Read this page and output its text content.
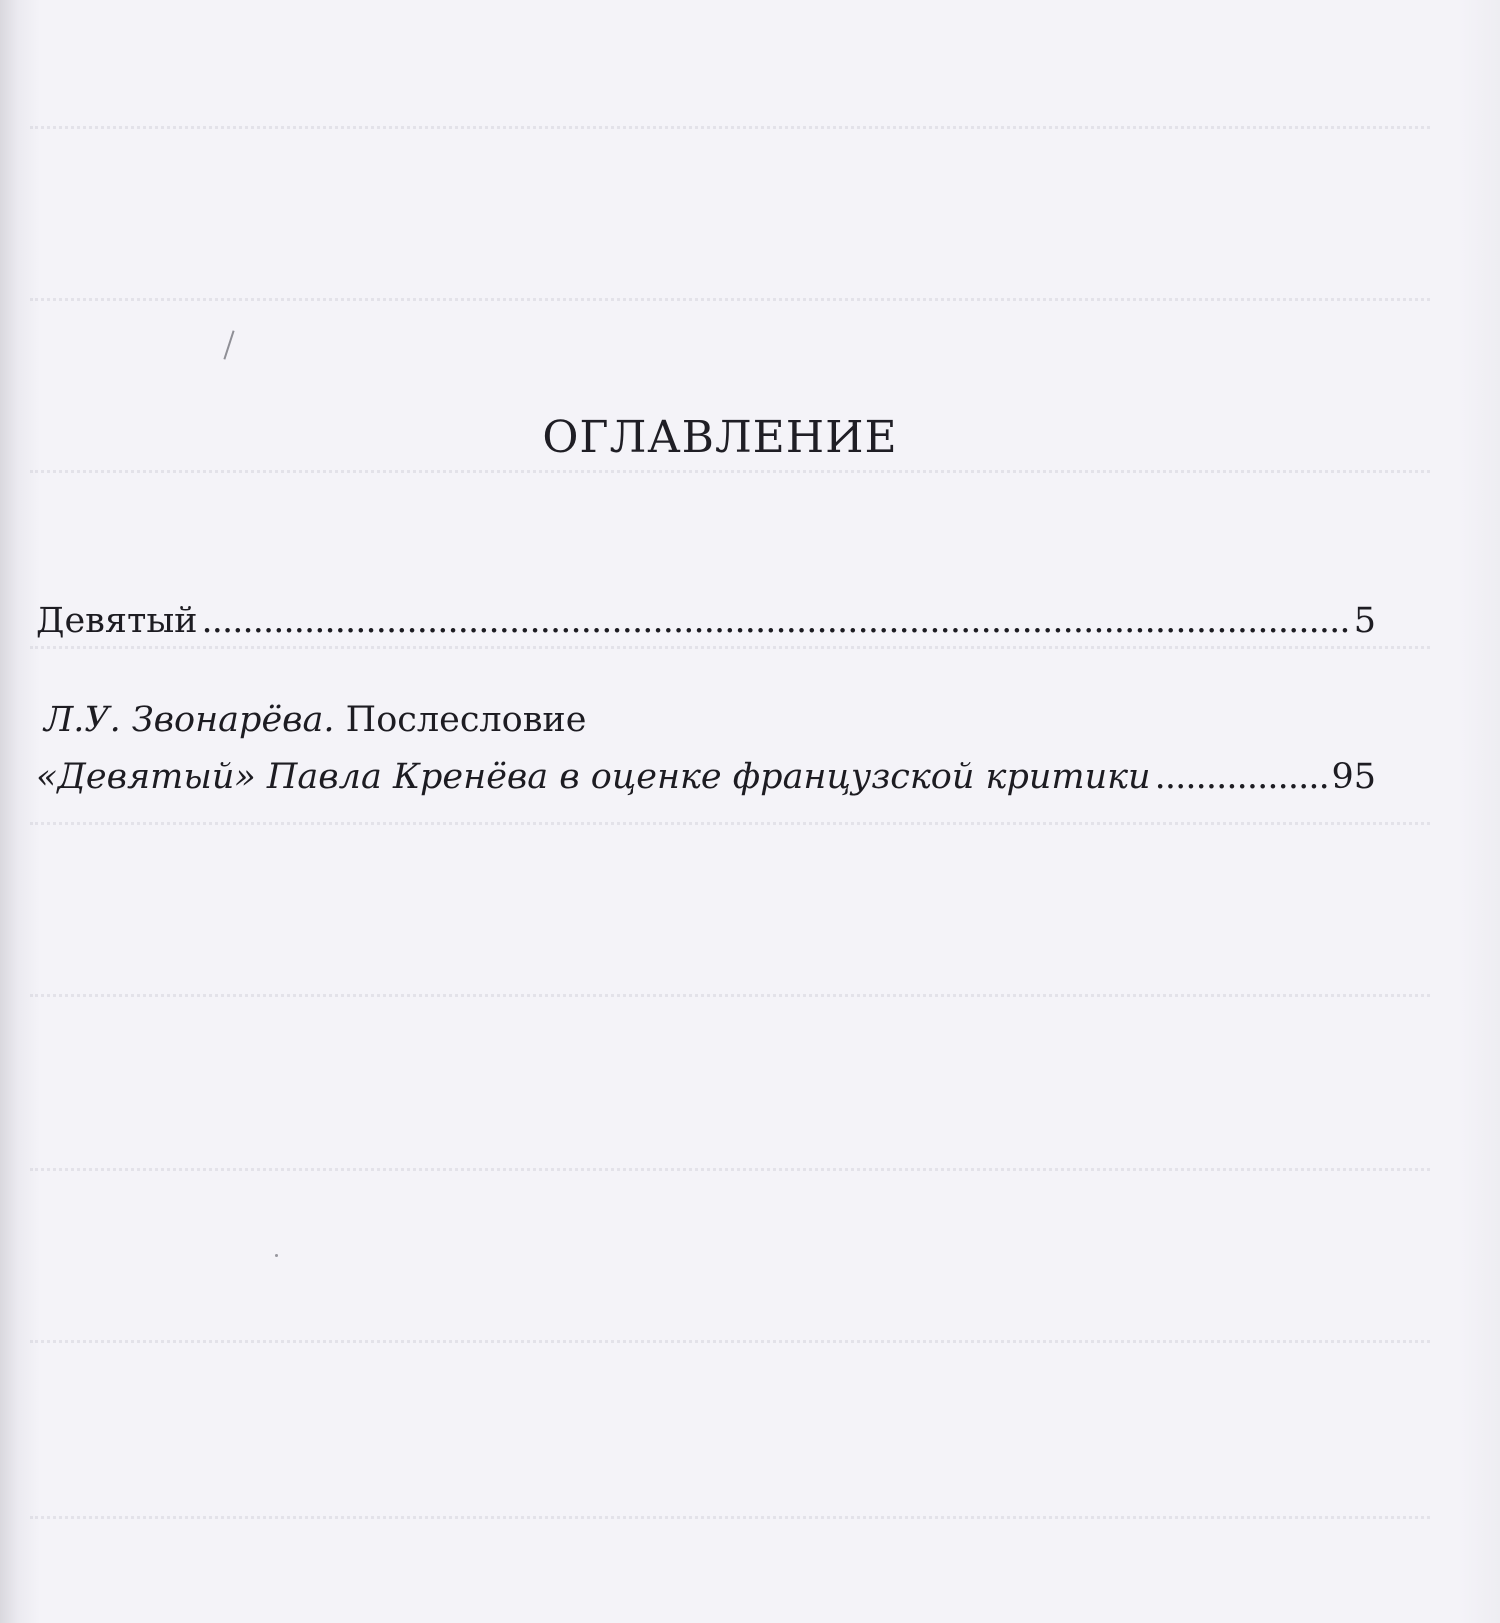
ОГЛАВЛЕНИЕ
Девятый . . .	5
Л.У. Звонарёва. Послесловие
«Девятый» Павла Кренёва в оценке французской критики . . .	95
